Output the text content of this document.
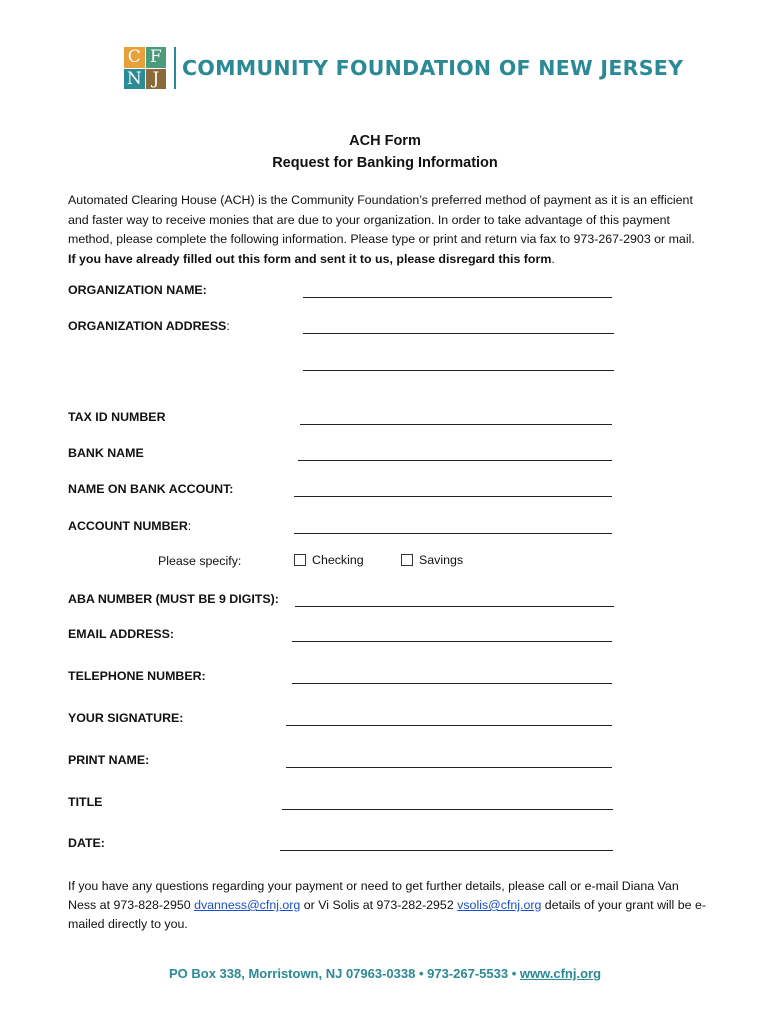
C F
N J	COMMUNITY FOUNDATION OF NEW JERSEY
ACH Form
Request for Banking Information
Automated Clearing House (ACH) is the Community Foundation’s preferred method of payment as it is an efficient and faster way to receive monies that are due to your organization. In order to take advantage of this payment method, please complete the following information. Please type or print and return via fax to 973-267-2903 or mail. If you have already filled out this form and sent it to us, please disregard this form.
ORGANIZATION NAME:
ORGANIZATION ADDRESS:
TAX ID NUMBER
BANK NAME
NAME ON BANK ACCOUNT:
ACCOUNT NUMBER:
Please specify:	Checking	Savings
ABA NUMBER (MUST BE 9 DIGITS):
EMAIL ADDRESS:
TELEPHONE NUMBER:
YOUR SIGNATURE:
PRINT NAME:
TITLE
DATE:
If you have any questions regarding your payment or need to get further details, please call or e-mail Diana Van Ness at 973-828-2950 dvanness@cfnj.org or Vi Solis at 973-282-2952 vsolis@cfnj.org details of your grant will be e-mailed directly to you.
PO Box 338, Morristown, NJ 07963-0338 • 973-267-5533 • www.cfnj.org
